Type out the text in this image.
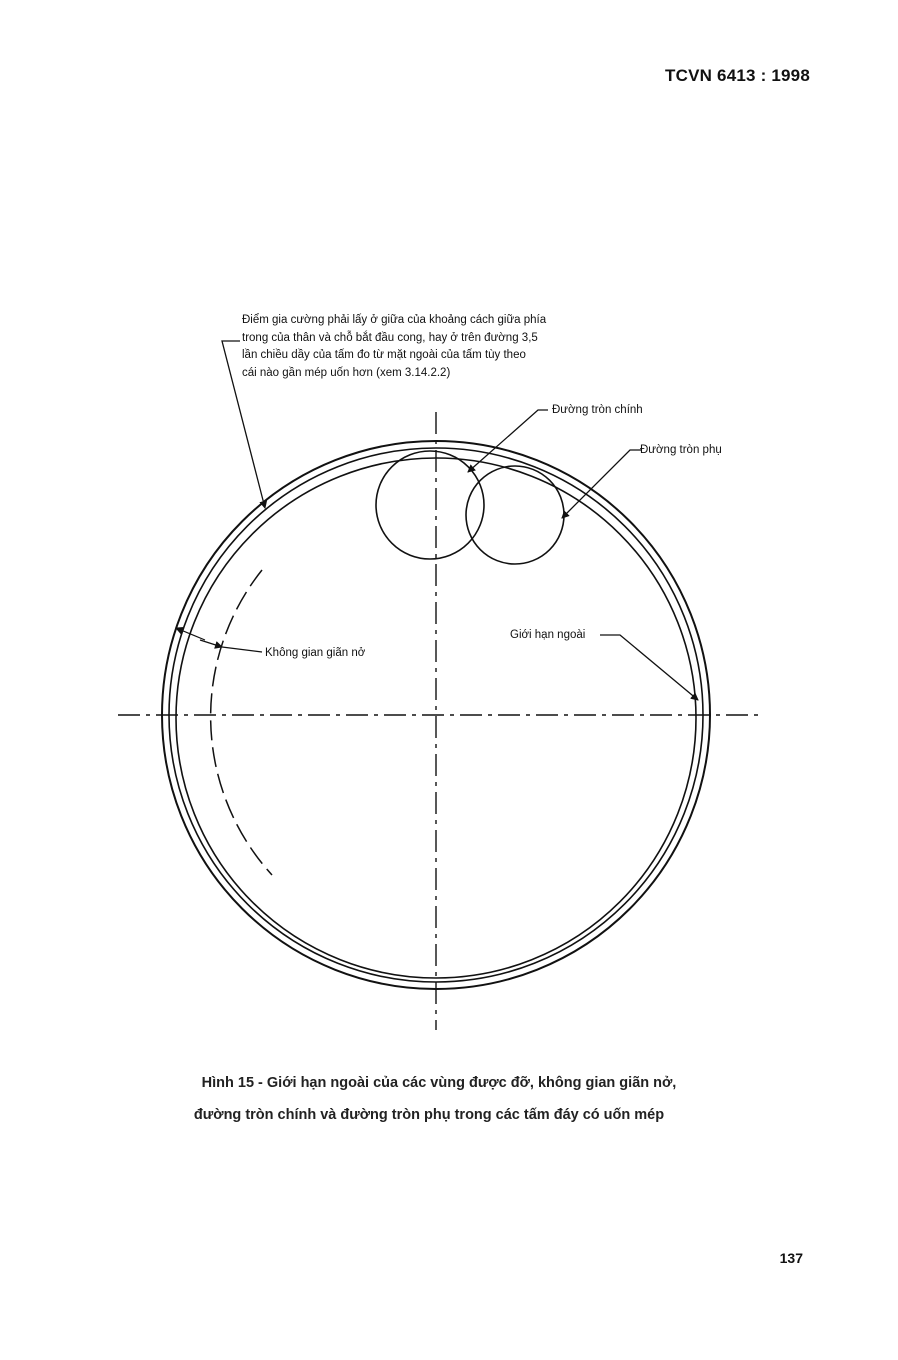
TCVN 6413 : 1998
Điểm gia cường phải lấy ở giữa của khoảng cách giữa phía
trong của thân và chỗ bắt đầu cong, hay ở trên đường 3,5
lần chiều dầy của tấm đo từ mặt ngoài của tấm tùy theo
cái nào gần mép uốn hơn (xem 3.14.2.2)
Đường tròn chính
Đường tròn phụ
Giới hạn ngoài
Không gian giãn nở
Hình 15 - Giới hạn ngoài của các vùng được đỡ, không gian giãn nở,
đường tròn chính và đường tròn phụ trong các tấm đáy có uốn mép
137
